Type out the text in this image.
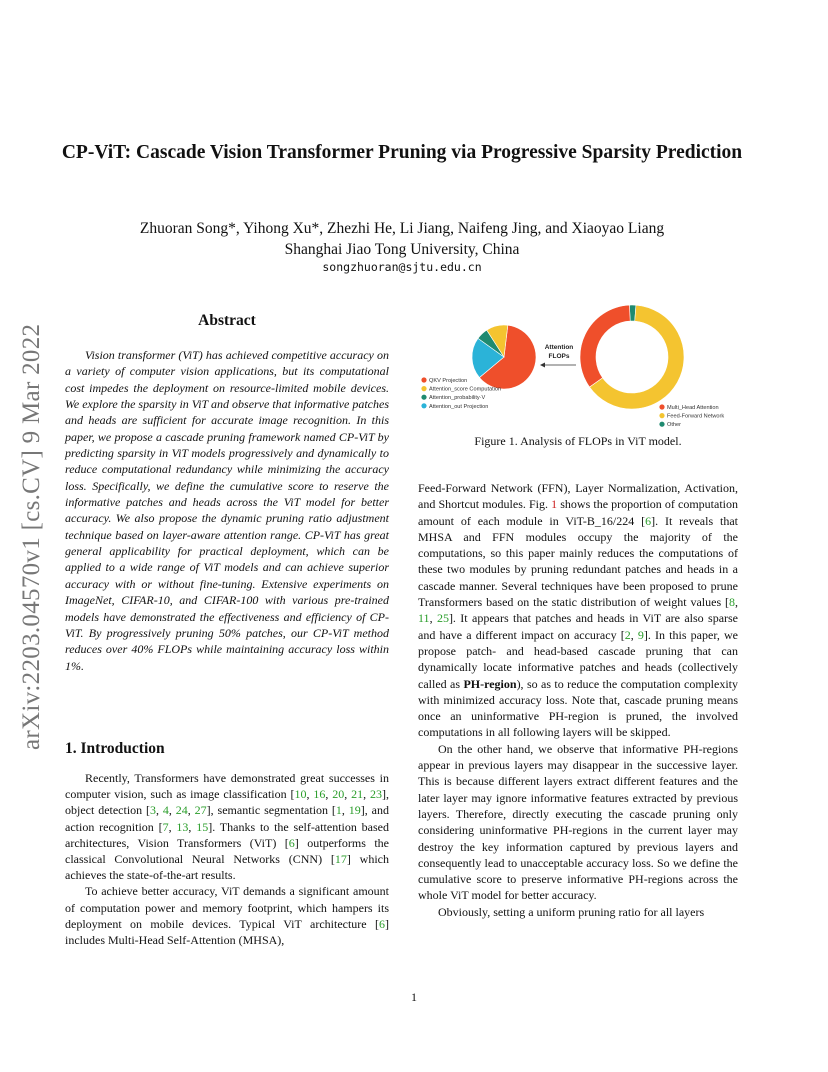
CP-ViT: Cascade Vision Transformer Pruning via Progressive Sparsity Prediction
Zhuoran Song*, Yihong Xu*, Zhezhi He, Li Jiang, Naifeng Jing, and Xiaoyao Liang
Shanghai Jiao Tong University, China
songzhuoran@sjtu.edu.cn
arXiv:2203.04570v1 [cs.CV] 9 Mar 2022
Abstract
Vision transformer (ViT) has achieved competitive accuracy on a variety of computer vision applications, but its computational cost impedes the deployment on resource-limited mobile devices. We explore the sparsity in ViT and observe that informative patches and heads are sufficient for accurate image recognition. In this paper, we propose a cascade pruning framework named CP-ViT by predicting sparsity in ViT models progressively and dynamically to reduce computational redundancy while minimizing the accuracy loss. Specifically, we define the cumulative score to reserve the informative patches and heads across the ViT model for better accuracy. We also propose the dynamic pruning ratio adjustment technique based on layer-aware attention range. CP-ViT has great general applicability for practical deployment, which can be applied to a wide range of ViT models and can achieve superior accuracy with or without fine-tuning. Extensive experiments on ImageNet, CIFAR-10, and CIFAR-100 with various pre-trained models have demonstrated the effectiveness and efficiency of CP-ViT. By progressively pruning 50% patches, our CP-ViT method reduces over 40% FLOPs while maintaining accuracy loss within 1%.
1. Introduction

Recently, Transformers have demonstrated great successes in computer vision, such as image classification [10, 16, 20, 21, 23], object detection [3, 4, 24, 27], semantic segmentation [1, 19], and action recognition [7, 13, 15]. Thanks to the self-attention based architectures, Vision Transformers (ViT) [6] outperforms the classical Convolutional Neural Networks (CNN) [17] which achieves the state-of-the-art results.

To achieve better accuracy, ViT demands a significant amount of computation power and memory footprint, which hampers its deployment on mobile devices. Typical ViT architecture [6] includes Multi-Head Self-Attention (MHSA),

Attention
FLOPs
ViT-B_16/224
FLOPs
QKV Projection
Attention_score Computation
Attention_probability·V
Attention_out Projection	Multi_Head Attention
Feed-Forward Network
Other
Figure 1. Analysis of FLOPs in ViT model.

Feed-Forward Network (FFN), Layer Normalization, Activation, and Shortcut modules. Fig. 1 shows the proportion of computation amount of each module in ViT-B_16/224 [6]. It reveals that MHSA and FFN modules occupy the majority of the computations, so this paper mainly reduces the computations of these two modules by pruning redundant patches and heads in a cascade manner. Several techniques have been proposed to prune Transformers based on the static distribution of weight values [8, 11, 25]. It appears that patches and heads in ViT are also sparse and have a different impact on accuracy [2, 9]. In this paper, we propose patch- and head-based cascade pruning that can dynamically locate informative patches and heads (collectively called as PH-region), so as to reduce the computation complexity with minimized accuracy loss. Note that, cascade pruning means once an uninformative PH-region is pruned, the involved computations in all following layers will be skipped.

On the other hand, we observe that informative PH-regions appear in previous layers may disappear in the successive layer. This is because different layers extract different features and the later layer may ignore informative features extracted by previous layers. Therefore, directly executing the cascade pruning only considering uninformative PH-regions in the current layer may destroy the key information captured by previous layers and consequently lead to unacceptable accuracy loss. So we define the cumulative score to preserve informative PH-regions across the whole ViT model for better accuracy.

Obviously, setting a uniform pruning ratio for all layers

1
